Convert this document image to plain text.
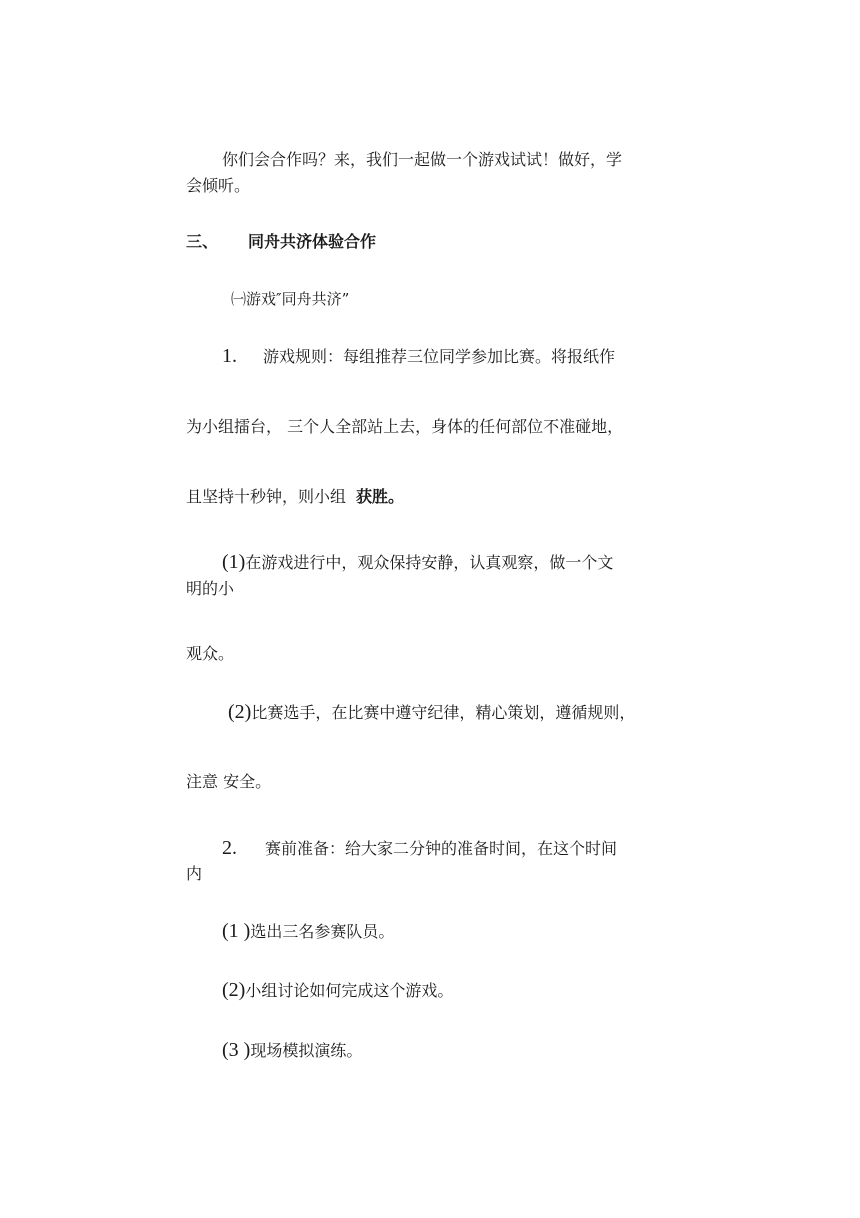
你们会合作吗？来，我们一起做一个游戏试试！做好，学
会倾听。
三、 同舟共济体验合作
㈠游戏″同舟共济”
1. 游戏规则：每组推荐三位同学参加比赛。将报纸作
为小组擂台， 三个人全部站上去，身体的任何部位不准碰地，
且坚持十秒钟，则小组 获胜。
(1)在游戏进行中，观众保持安静，认真观察，做一个文
明的小
观众。
(2)比赛选手，在比赛中遵守纪律，精心策划，遵循规则，
注意 安全。
2. 赛前准备：给大家二分钟的准备时间，在这个时间
内
(1 )选出三名参赛队员。
(2)小组讨论如何完成这个游戏。
(3 )现场模拟演练。
